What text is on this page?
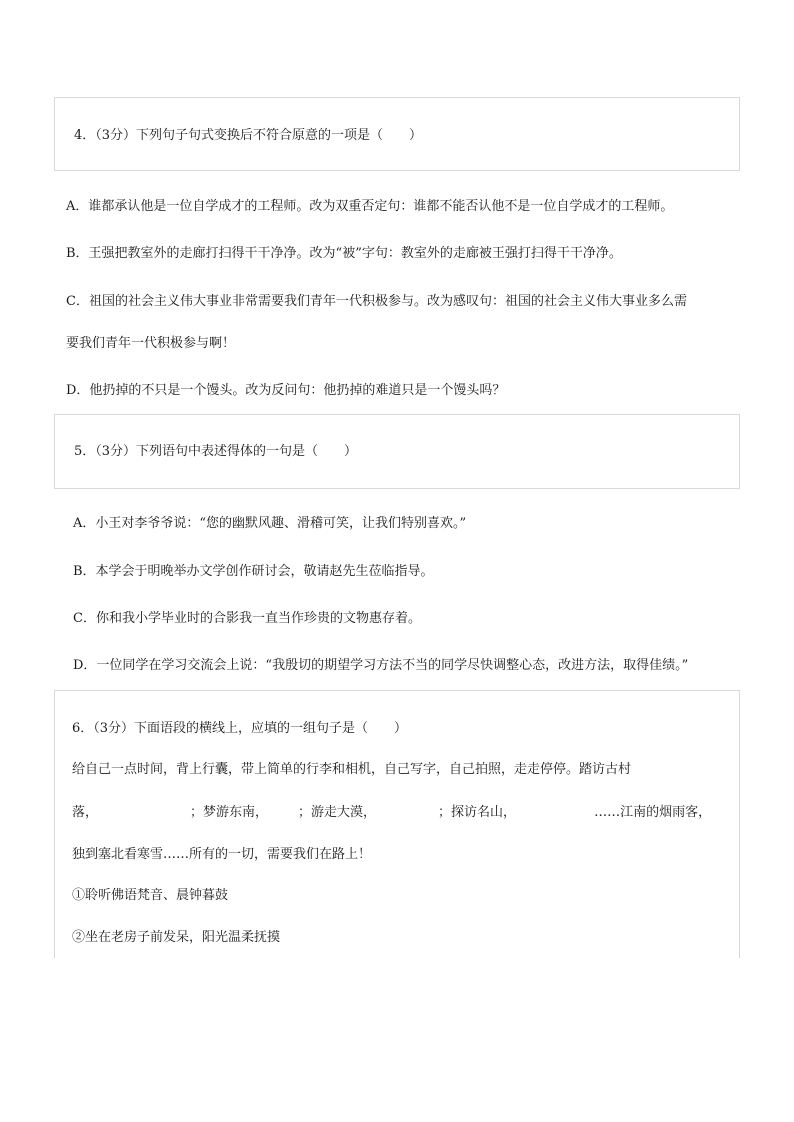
4．（3分）下列句子句式变换后不符合原意的一项是（　　）
A．谁都承认他是一位自学成才的工程师。改为双重否定句：谁都不能否认他不是一位自学成才的工程师。
B．王强把教室外的走廊打扫得干干净净。改为“被”字句：教室外的走廊被王强打扫得干干净净。
C．祖国的社会主义伟大事业非常需要我们青年一代积极参与。改为感叹句：祖国的社会主义伟大事业多么需
要我们青年一代积极参与啊！
D．他扔掉的不只是一个馒头。改为反问句：他扔掉的难道只是一个馒头吗？
5．（3分）下列语句中表述得体的一句是（　　）
A．小王对李爷爷说：“您的幽默风趣、滑稽可笑，让我们特别喜欢。”
B．本学会于明晚举办文学创作研讨会，敬请赵先生莅临指导。
C．你和我小学毕业时的合影我一直当作珍贵的文物惠存着。
D．一位同学在学习交流会上说：“我殷切的期望学习方法不当的同学尽快调整心态，改进方法，取得佳绩。”
6．（3分）下面语段的横线上，应填的一组句子是（　　）
给自己一点时间，背上行囊，带上简单的行李和相机，自己写字，自己拍照，走走停停。踏访古村
落，	；梦游东南， ；游走大漠，	；探访名山，	……江南的烟雨客，
独到塞北看寒雪……所有的一切，需要我们在路上！
①聆听佛语梵音、晨钟暮鼓
②坐在老房子前发呆，阳光温柔抚摸
